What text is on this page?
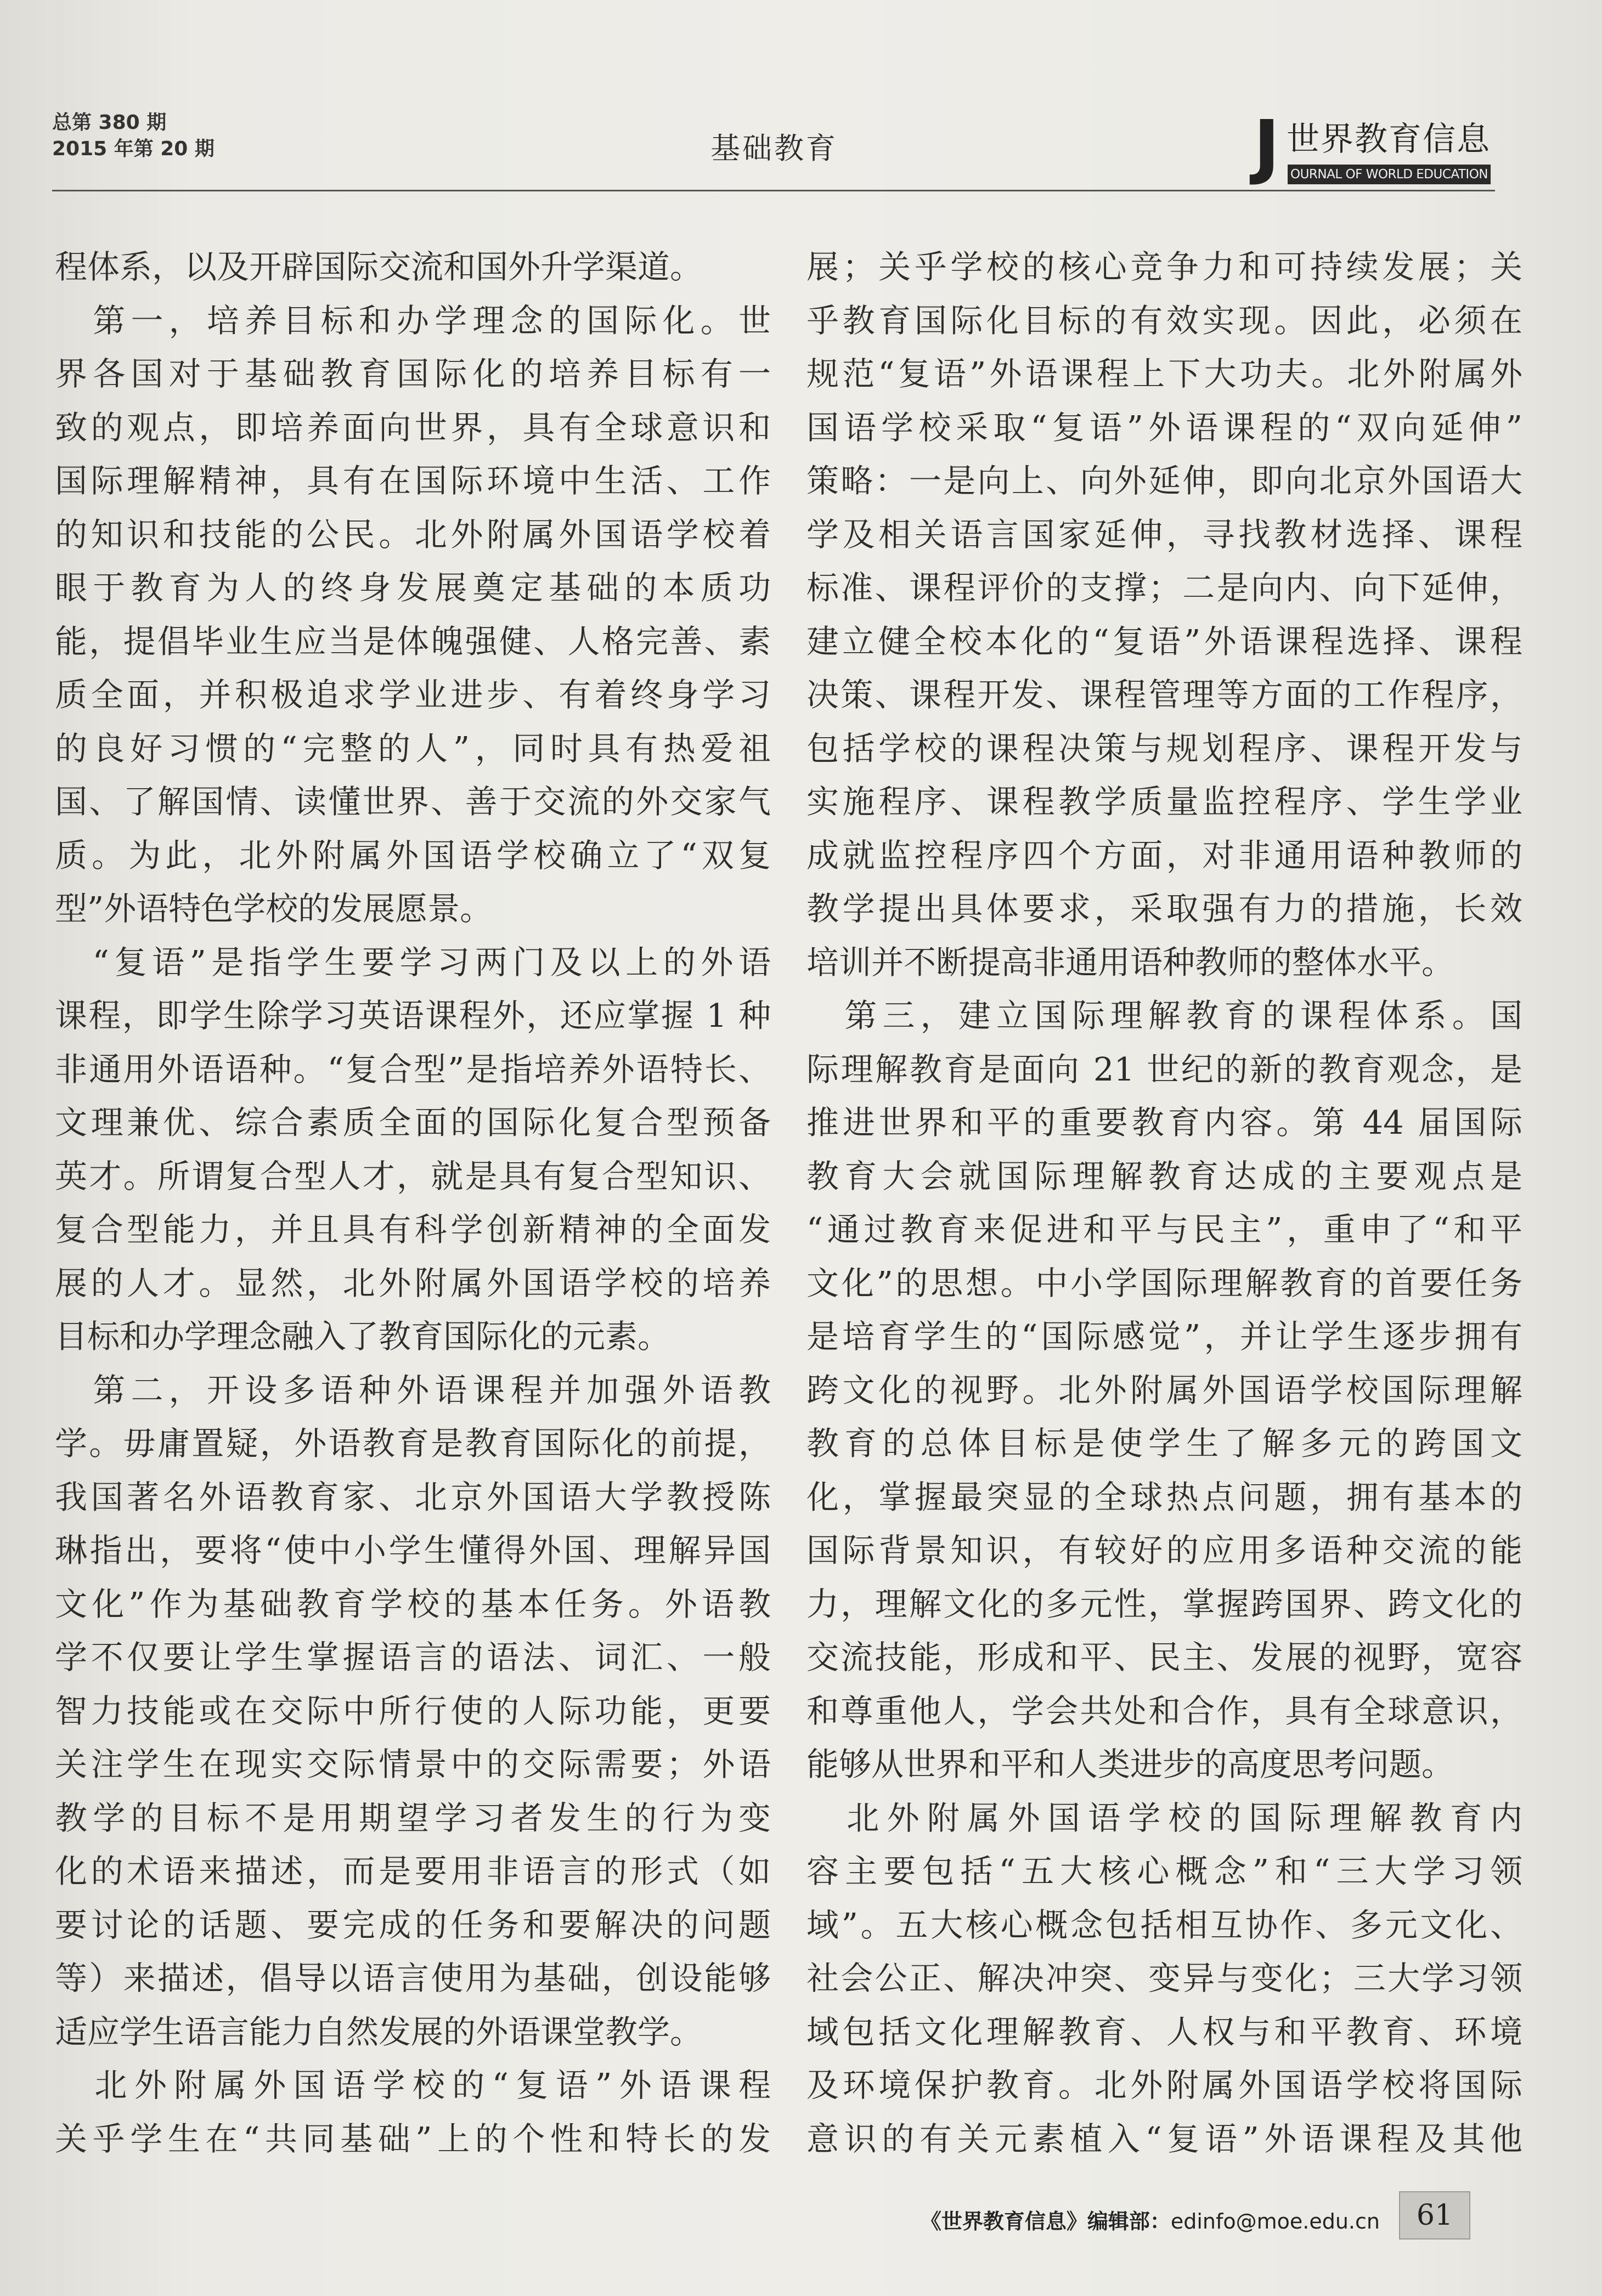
总第 380 期
2015 年第 20 期	基础教育	J 世界教育信息
OURNAL OF WORLD EDUCATION
程体系，以及开辟国际交流和国外升学渠道。
　第一，培养目标和办学理念的国际化。世
界各国对于基础教育国际化的培养目标有一
致的观点，即培养面向世界，具有全球意识和
国际理解精神，具有在国际环境中生活、工作
的知识和技能的公民。北外附属外国语学校着
眼于教育为人的终身发展奠定基础的本质功
能，提倡毕业生应当是体魄强健、人格完善、素
质全面，并积极追求学业进步、有着终身学习
的良好习惯的“完整的人”，同时具有热爱祖
国、了解国情、读懂世界、善于交流的外交家气
质。为此，北外附属外国语学校确立了“双复
型”外语特色学校的发展愿景。
　“复语”是指学生要学习两门及以上的外语
课程，即学生除学习英语课程外，还应掌握 1 种
非通用外语语种。“复合型”是指培养外语特长、
文理兼优、综合素质全面的国际化复合型预备
英才。所谓复合型人才，就是具有复合型知识、
复合型能力，并且具有科学创新精神的全面发
展的人才。显然，北外附属外国语学校的培养
目标和办学理念融入了教育国际化的元素。
　第二，开设多语种外语课程并加强外语教
学。毋庸置疑，外语教育是教育国际化的前提，
我国著名外语教育家、北京外国语大学教授陈
琳指出，要将“使中小学生懂得外国、理解异国
文化”作为基础教育学校的基本任务。外语教
学不仅要让学生掌握语言的语法、词汇、一般
智力技能或在交际中所行使的人际功能，更要
关注学生在现实交际情景中的交际需要；外语
教学的目标不是用期望学习者发生的行为变
化的术语来描述，而是要用非语言的形式（如
要讨论的话题、要完成的任务和要解决的问题
等）来描述，倡导以语言使用为基础，创设能够
适应学生语言能力自然发展的外语课堂教学。
　北外附属外国语学校的“复语”外语课程
关乎学生在“共同基础”上的个性和特长的发
展；关乎学校的核心竞争力和可持续发展；关
乎教育国际化目标的有效实现。因此，必须在
规范“复语”外语课程上下大功夫。北外附属外
国语学校采取“复语”外语课程的“双向延伸”
策略：一是向上、向外延伸，即向北京外国语大
学及相关语言国家延伸，寻找教材选择、课程
标准、课程评价的支撑；二是向内、向下延伸，
建立健全校本化的“复语”外语课程选择、课程
决策、课程开发、课程管理等方面的工作程序，
包括学校的课程决策与规划程序、课程开发与
实施程序、课程教学质量监控程序、学生学业
成就监控程序四个方面，对非通用语种教师的
教学提出具体要求，采取强有力的措施，长效
培训并不断提高非通用语种教师的整体水平。
　第三，建立国际理解教育的课程体系。国
际理解教育是面向 21 世纪的新的教育观念，是
推进世界和平的重要教育内容。第 44 届国际
教育大会就国际理解教育达成的主要观点是
“通过教育来促进和平与民主”，重申了“和平
文化”的思想。中小学国际理解教育的首要任务
是培育学生的“国际感觉”，并让学生逐步拥有
跨文化的视野。北外附属外国语学校国际理解
教育的总体目标是使学生了解多元的跨国文
化，掌握最突显的全球热点问题，拥有基本的
国际背景知识，有较好的应用多语种交流的能
力，理解文化的多元性，掌握跨国界、跨文化的
交流技能，形成和平、民主、发展的视野，宽容
和尊重他人，学会共处和合作，具有全球意识，
能够从世界和平和人类进步的高度思考问题。
　北外附属外国语学校的国际理解教育内
容主要包括“五大核心概念”和“三大学习领
域”。五大核心概念包括相互协作、多元文化、
社会公正、解决冲突、变异与变化；三大学习领
域包括文化理解教育、人权与和平教育、环境
及环境保护教育。北外附属外国语学校将国际
意识的有关元素植入“复语”外语课程及其他
《世界教育信息》编辑部：edinfo@moe.edu.cn	61
